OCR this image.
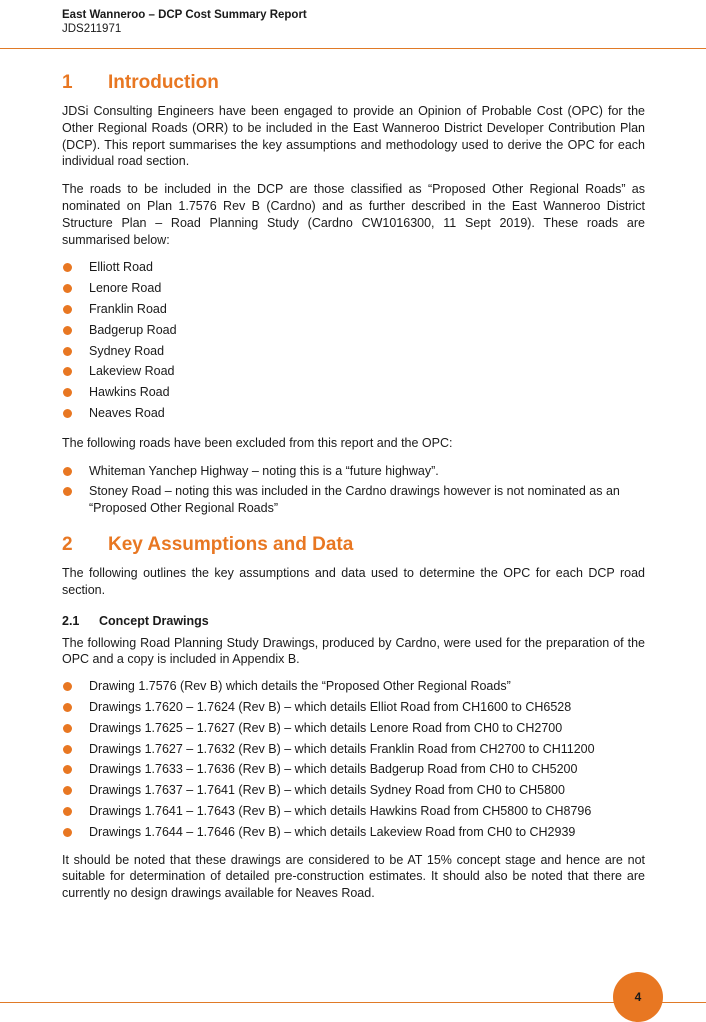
East Wanneroo – DCP Cost Summary Report
JDS211971
1	Introduction

JDSi Consulting Engineers have been engaged to provide an Opinion of Probable Cost (OPC) for the Other Regional Roads (ORR) to be included in the East Wanneroo District Developer Contribution Plan (DCP). This report summarises the key assumptions and methodology used to derive the OPC for each individual road section.

The roads to be included in the DCP are those classified as “Proposed Other Regional Roads” as nominated on Plan 1.7576 Rev B (Cardno) and as further described in the East Wanneroo District Structure Plan – Road Planning Study (Cardno CW1016300, 11 Sept 2019). These roads are summarised below:

Elliott Road
Lenore Road
Franklin Road
Badgerup Road
Sydney Road
Lakeview Road
Hawkins Road
Neaves Road

The following roads have been excluded from this report and the OPC:

Whiteman Yanchep Highway – noting this is a “future highway”.
Stoney Road – noting this was included in the Cardno drawings however is not nominated as an “Proposed Other Regional Roads”
2	Key Assumptions and Data

The following outlines the key assumptions and data used to determine the OPC for each DCP road section.

2.1	Concept Drawings

The following Road Planning Study Drawings, produced by Cardno, were used for the preparation of the OPC and a copy is included in Appendix B.

Drawing 1.7576 (Rev B) which details the “Proposed Other Regional Roads”
Drawings 1.7620 – 1.7624 (Rev B) – which details Elliot Road from CH1600 to CH6528
Drawings 1.7625 – 1.7627 (Rev B) – which details Lenore Road from CH0 to CH2700
Drawings 1.7627 – 1.7632 (Rev B) – which details Franklin Road from CH2700 to CH11200
Drawings 1.7633 – 1.7636 (Rev B) – which details Badgerup Road from CH0 to CH5200
Drawings 1.7637 – 1.7641 (Rev B) – which details Sydney Road from CH0 to CH5800
Drawings 1.7641 – 1.7643 (Rev B) – which details Hawkins Road from CH5800 to CH8796
Drawings 1.7644 – 1.7646 (Rev B) – which details Lakeview Road from CH0 to CH2939

It should be noted that these drawings are considered to be AT 15% concept stage and hence are not suitable for determination of detailed pre-construction estimates. It should also be noted that there are currently no design drawings available for Neaves Road.

4
